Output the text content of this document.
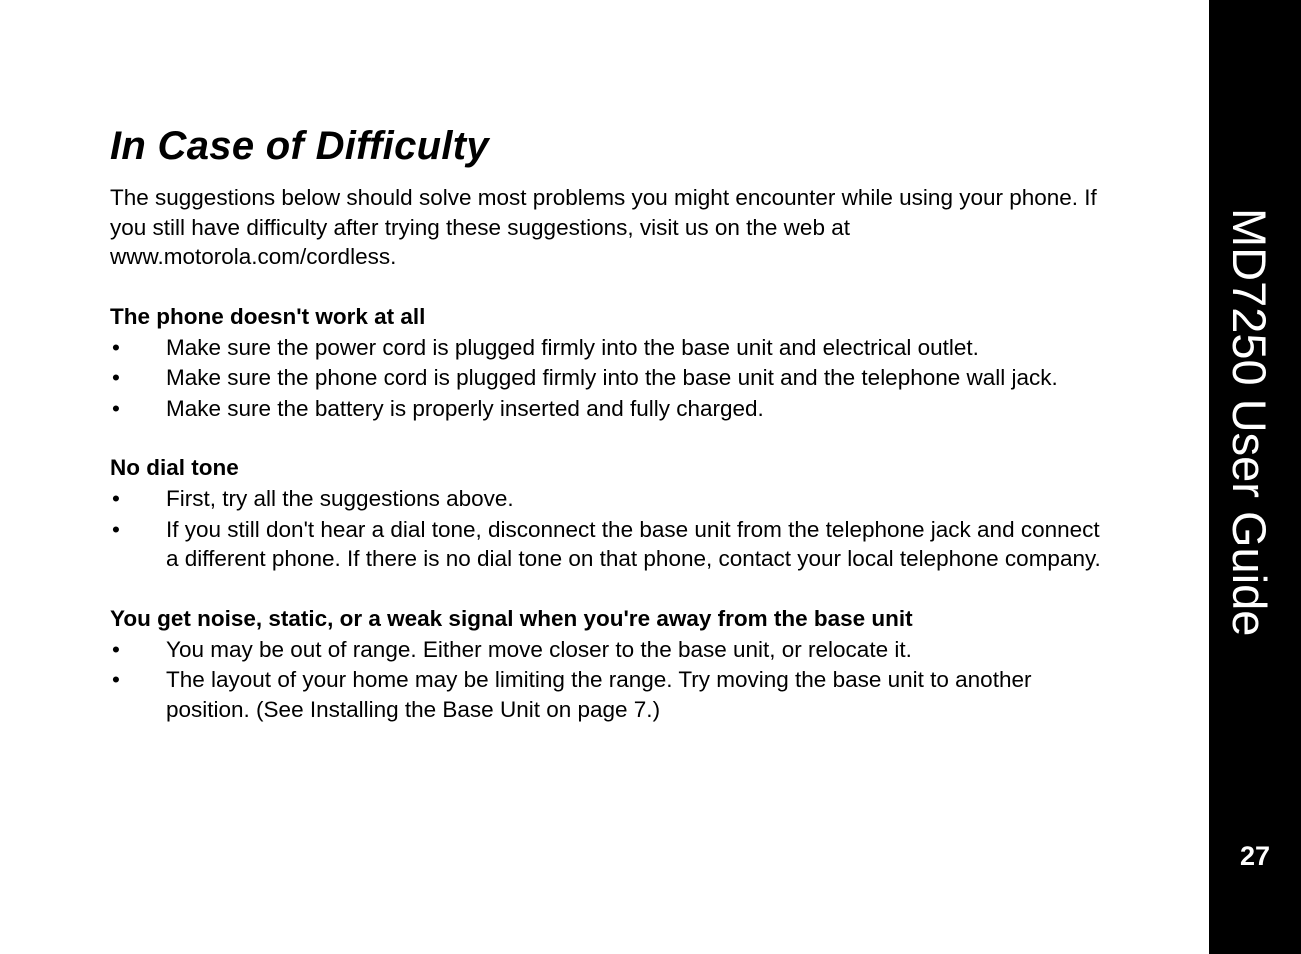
In Case of Difficulty

The suggestions below should solve most problems you might encounter while using your phone. If you still have difficulty after trying these suggestions, visit us on the web at www.motorola.com/cordless.

The phone doesn't work at all
• Make sure the power cord is plugged firmly into the base unit and electrical outlet.
• Make sure the phone cord is plugged firmly into the base unit and the telephone wall jack.
• Make sure the battery is properly inserted and fully charged.
No dial tone
• First, try all the suggestions above.
• If you still don't hear a dial tone, disconnect the base unit from the telephone jack and connect a different phone. If there is no dial tone on that phone, contact your local telephone company.
You get noise, static, or a weak signal when you're away from the base unit
• You may be out of range. Either move closer to the base unit, or relocate it.
• The layout of your home may be limiting the range. Try moving the base unit to another position. (See Installing the Base Unit on page 7.)
MD7250 User Guide
27
